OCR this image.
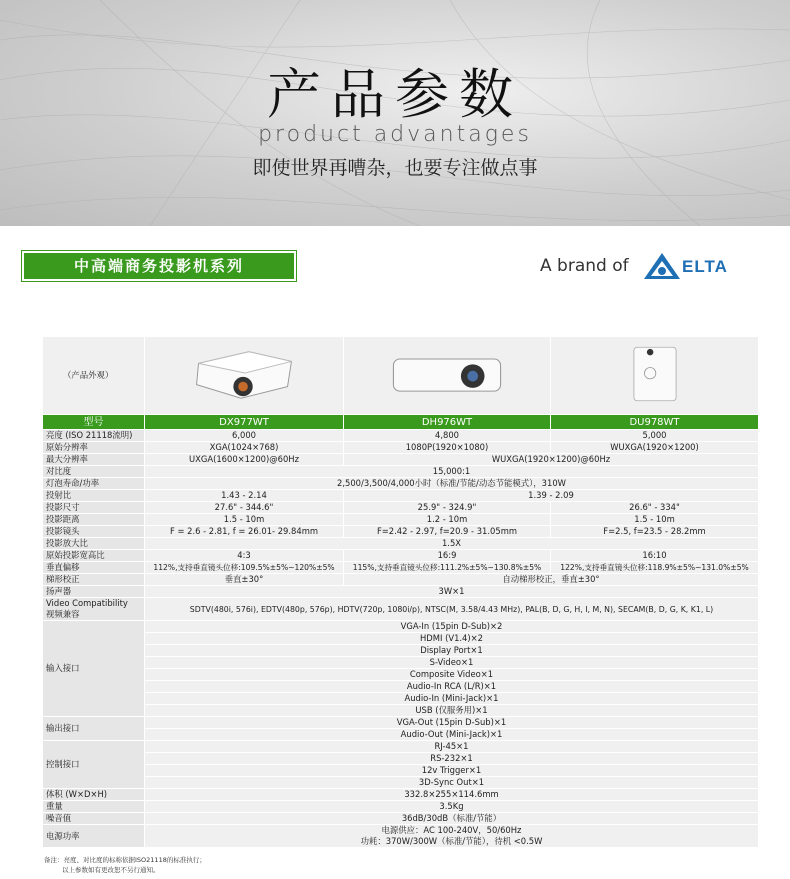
产品参数
product advantages
即使世界再嘈杂，也要专注做点事
中高端商务投影机系列	A brand of	ELTA
（产品外观）			
型号	DX977WT	DH976WT	DU978WT
亮度 (ISO 21118流明)	6,000	4,800	5,000
原始分辨率	XGA(1024×768)	1080P(1920×1080)	WUXGA(1920×1200)
最大分辨率	UXGA(1600×1200)@60Hz	WUXGA(1920×1200)@60Hz	
对比度	15,000:1		
灯泡寿命/功率	2,500/3,500/4,000小时（标准/节能/动态节能模式），310W		
投射比	1.43 - 2.14	1.39 - 2.09	
投影尺寸	27.6" - 344.6"	25.9" - 324.9"	26.6" - 334"
投影距离	1.5 - 10m	1.2 - 10m	1.5 - 10m
投影镜头	F = 2.6 - 2.81, f = 26.01- 29.84mm	F=2.42 - 2.97, f=20.9 - 31.05mm	F=2.5, f=23.5 - 28.2mm
投影放大比	1.5X		
原始投影宽高比	4:3	16:9	16:10
垂直偏移	112%,支持垂直镜头位移:109.5%±5%~120%±5%	115%,支持垂直镜头位移:111.2%±5%~130.8%±5%	122%,支持垂直镜头位移:118.9%±5%~131.0%±5%
梯形校正	垂直±30°	自动梯形校正，垂直±30°	
扬声器	3W×1		

Video Compatibility
视频兼容	SDTV(480i, 576i), EDTV(480p, 576p), HDTV(720p, 1080i/p), NTSC(M, 3.58/4.43 MHz), PAL(B, D, G, H, I, M, N), SECAM(B, D, G, K, K1, L)		
输入接口	VGA-In (15pin D-Sub)×2		
	HDMI (V1.4)×2		
	Display Port×1		
	S-Video×1		
	Composite Video×1		
	Audio-In RCA (L/R)×1		
	Audio-In (Mini-Jack)×1		
	USB (仅服务用)×1		
输出接口	VGA-Out (15pin D-Sub)×1		
	Audio-Out (Mini-Jack)×1		
控制接口	RJ-45×1		
	RS-232×1		
	12v Trigger×1		
	3D-Sync Out×1		
体积 (W×D×H)	332.8×255×114.6mm		
重量	3.5Kg		
噪音值	36dB/30dB（标准/节能）		
电源功率	电源供应：AC 100-240V，50/60Hz
功耗：370W/300W（标准/节能），待机 <0.5W		
备注：亮度、对比度的标称依据ISO21118的标准执行；
以上参数如有更改恕不另行通知。
